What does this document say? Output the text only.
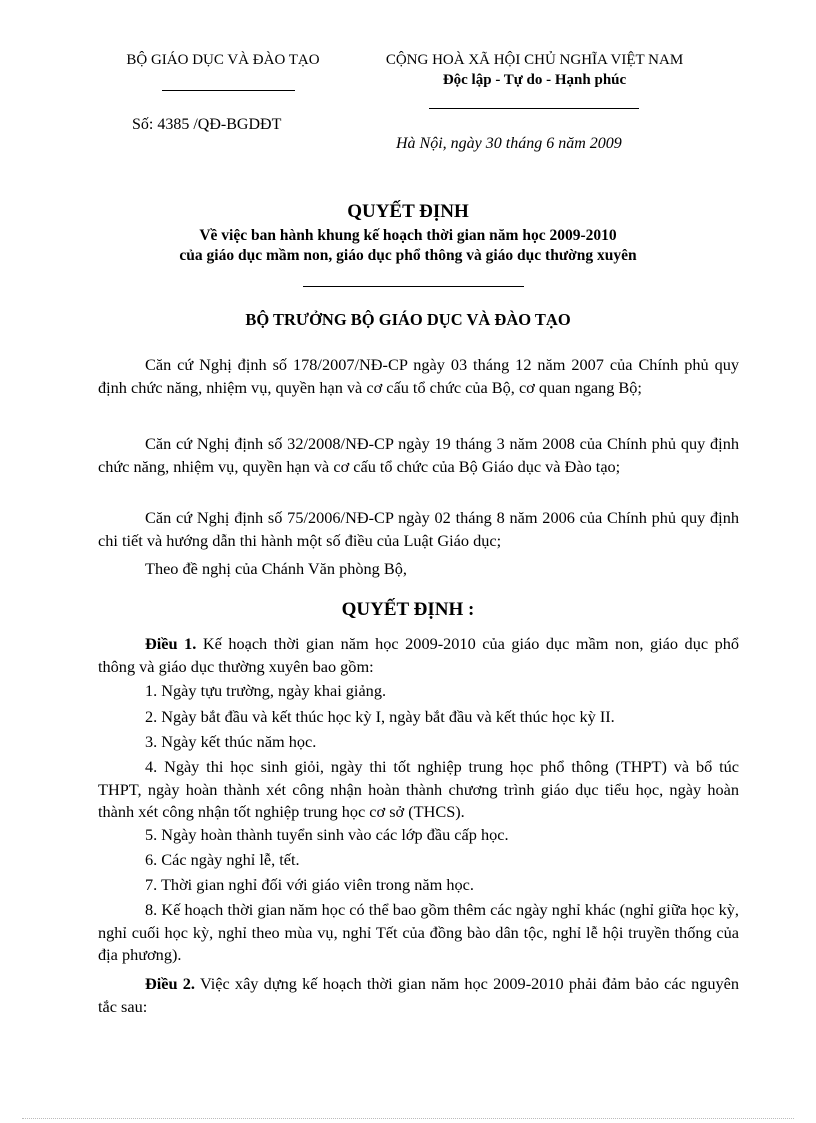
BỘ GIÁO DỤC VÀ ĐÀO TẠO
Số: 4385 /QĐ-BGDĐT
CỘNG HOÀ XÃ HỘI CHỦ NGHĨA VIỆT NAM
Độc lập - Tự do - Hạnh phúc
Hà Nội, ngày 30 tháng 6 năm 2009
QUYẾT ĐỊNH
Về việc ban hành khung kế hoạch thời gian năm học 2009-2010
của giáo dục mầm non, giáo dục phổ thông và giáo dục thường xuyên
BỘ TRƯỞNG BỘ GIÁO DỤC VÀ ĐÀO TẠO
Căn cứ Nghị định số 178/2007/NĐ-CP ngày 03 tháng 12 năm 2007 của Chính phủ quy định chức năng, nhiệm vụ, quyền hạn và cơ cấu tổ chức của Bộ, cơ quan ngang Bộ;
Căn cứ Nghị định số 32/2008/NĐ-CP ngày 19 tháng 3 năm 2008 của Chính phủ quy định chức năng, nhiệm vụ, quyền hạn và cơ cấu tổ chức của Bộ Giáo dục và Đào tạo;
Căn cứ Nghị định số 75/2006/NĐ-CP ngày 02 tháng 8 năm 2006 của Chính phủ quy định chi tiết và hướng dẫn thi hành một số điều của Luật Giáo dục;
Theo đề nghị của Chánh Văn phòng Bộ,
QUYẾT ĐỊNH :
Điều 1. Kế hoạch thời gian năm học 2009-2010 của giáo dục mầm non, giáo dục phổ thông và giáo dục thường xuyên bao gồm:
1. Ngày tựu trường, ngày khai giảng.
2. Ngày bắt đầu và kết thúc học kỳ I, ngày bắt đầu và kết thúc học kỳ II.
3. Ngày kết thúc năm học.
4. Ngày thi học sinh giỏi, ngày thi tốt nghiệp trung học phổ thông (THPT) và bổ túc THPT, ngày hoàn thành xét công nhận hoàn thành chương trình giáo dục tiểu học, ngày hoàn thành xét công nhận tốt nghiệp trung học cơ sở (THCS).
5. Ngày hoàn thành tuyển sinh vào các lớp đầu cấp học.
6. Các ngày nghỉ lễ, tết.
7. Thời gian nghỉ đối với giáo viên trong năm học.
8. Kế hoạch thời gian năm học có thể bao gồm thêm các ngày nghỉ khác (nghỉ giữa học kỳ, nghỉ cuối học kỳ, nghỉ theo mùa vụ, nghỉ Tết của đồng bào dân tộc, nghỉ lễ hội truyền thống của địa phương).
Điều 2. Việc xây dựng kế hoạch thời gian năm học 2009-2010 phải đảm bảo các nguyên tắc sau:
